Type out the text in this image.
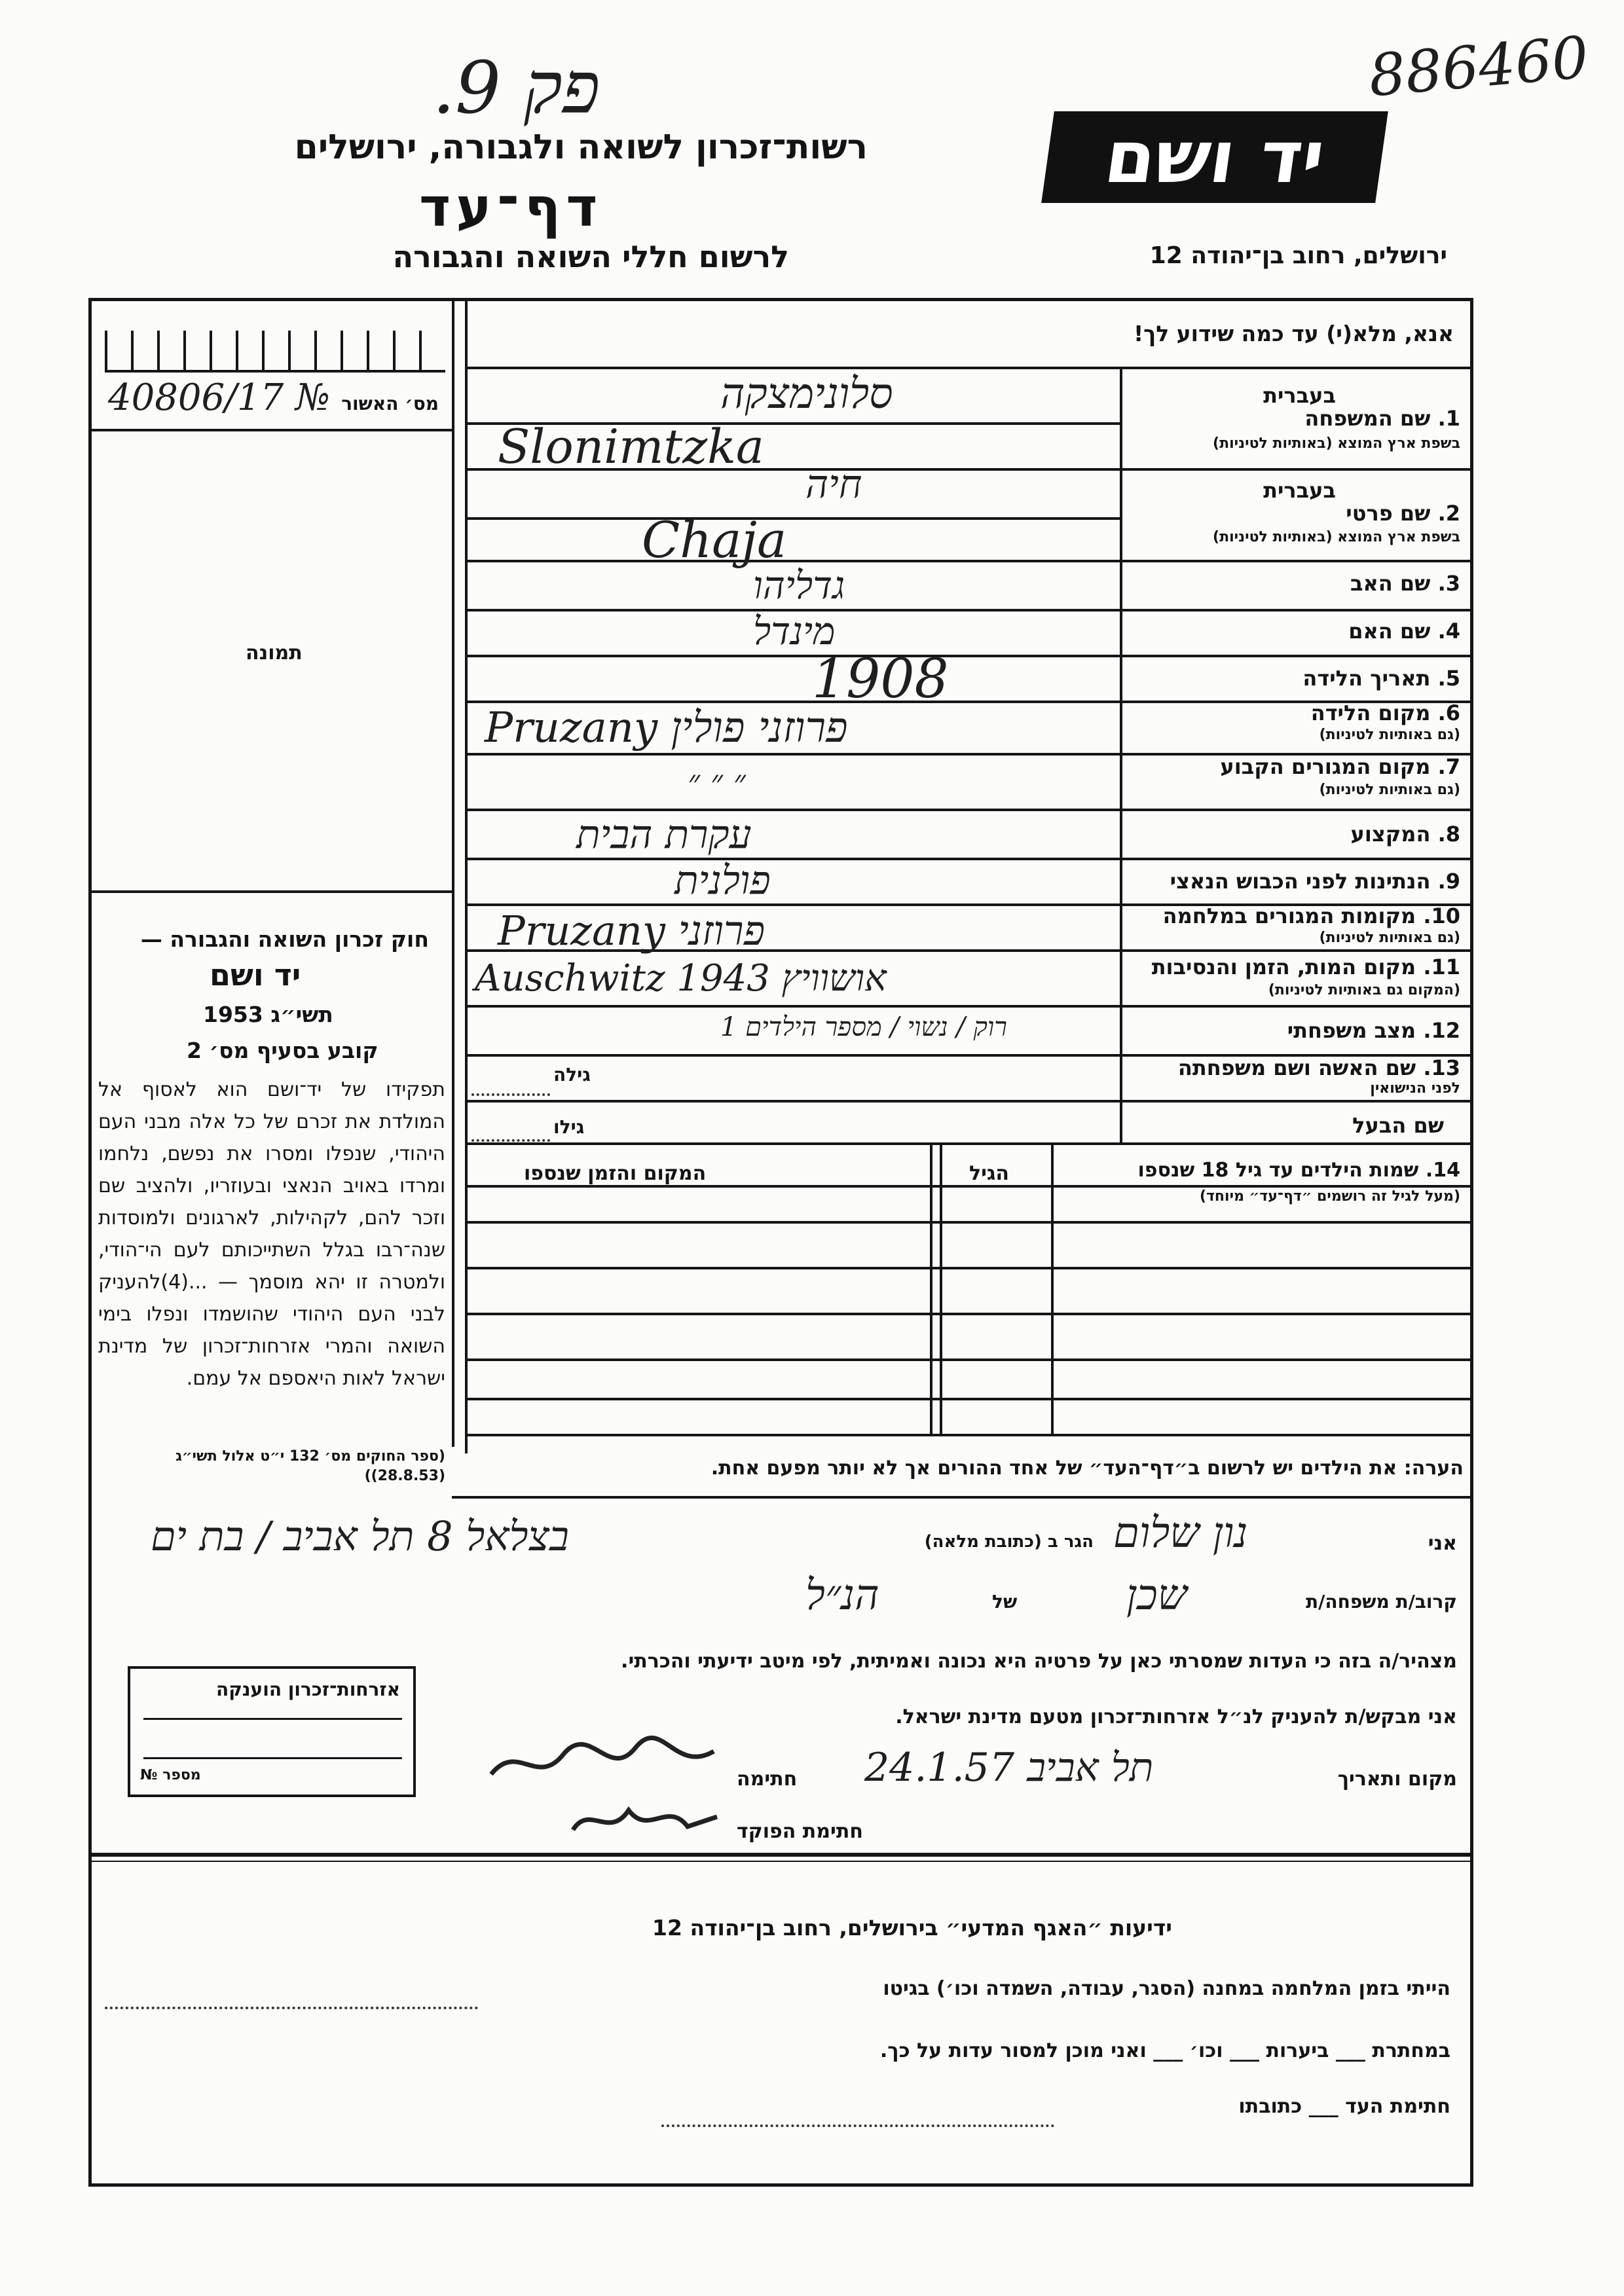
886460
פק 9.
רשות־זכרון לשואה ולגבורה, ירושלים
דף־עד
לרשום חללי השואה והגבורה
יד ושם
ירושלים, רחוב בן־יהודה 12
מס׳ האשור
40806/17 №
תמונה
חוק זכרון השואה והגבורה —
יד ושם
תשי״ג 1953
קובע בסעיף מס׳ 2
תפקידו של יד־ושם הוא לאסוף אל המולדת את זכרם של כל אלה מבני העם היהודי, שנפלו ומסרו את נפשם, נלחמו ומרדו באויב הנאצי ובעוזריו, ולהציב שם וזכר להם, לקהילות, לארגונים ולמוסדות שנה־רבו בגלל השתייכותם לעם הי־הודי, ולמטרה זו יהא מוסמך — ...(4)להעניק לבני העם היהודי שהושמדו ונפלו בימי השואה והמרי אזרחות־זכרון של מדינת ישראל לאות היאספם אל עמם.
(ספר החוקים מס׳ 132 י״ט אלול תשי״ג (28.8.53))
אנא, מלא(י) עד כמה שידוע לך!
בעברית
1. שם המשפחה
בשפת ארץ המוצא (באותיות לטיניות)
בעברית
2. שם פרטי
בשפת ארץ המוצא (באותיות לטיניות)
3. שם האב
4. שם האם
5. תאריך הלידה
6. מקום הלידה
(גם באותיות לטיניות)
7. מקום המגורים הקבוע
(גם באותיות לטיניות)
8. המקצוע
9. הנתינות לפני הכבוש הנאצי
10. מקומות המגורים במלחמה
(גם באותיות לטיניות)
11. מקום המות, הזמן והנסיבות
(המקום גם באותיות לטיניות)
12. מצב משפחתי
13. שם האשה ושם משפחתה
לפני הנישואין
שם הבעל
סלונימצקה
Slonimtzka
חיה
Chaja
גדליהו
מינדל
1908
פרוזני פולין Pruzany
״ ״ ״
עקרת הבית
פולנית
פרוזני Pruzany
אושוויץ 1943 Auschwitz
רוק / נשוי / מספר הילדים 1
גילה
גילו
14. שמות הילדים עד גיל 18 שנספו
(מעל לגיל זה רושמים ״דף־עד״ מיוחד)
הגיל
המקום והזמן שנספו
הערה: את הילדים יש לרשום ב״דף־העד״ של אחד ההורים אך לא יותר מפעם אחת.
אני
נון שלום
הגר ב (כתובת מלאה)
בצלאל 8 תל אביב / בת ים
קרוב/ת משפחה/ת
שכן
של
הנ״ל
מצהיר/ה בזה כי העדות שמסרתי כאן על פרטיה היא נכונה ואמיתית, לפי מיטב ידיעתי והכרתי.
אני מבקש/ת להעניק לנ״ל אזרחות־זכרון מטעם מדינת ישראל.
מקום ותאריך
תל אביב 24.1.57
חתימה
חתימת הפוקד
אזרחות־זכרון הוענקה
מספר №
ידיעות ״האגף המדעי״ בירושלים, רחוב בן־יהודה 12
הייתי בזמן המלחמה במחנה (הסגר, עבודה, השמדה וכו׳) בגיטו
במחתרת ___ ביערות ___ וכו׳ ___ ואני מוכן למסור עדות על כך.
חתימת העד ___ כתובתו
